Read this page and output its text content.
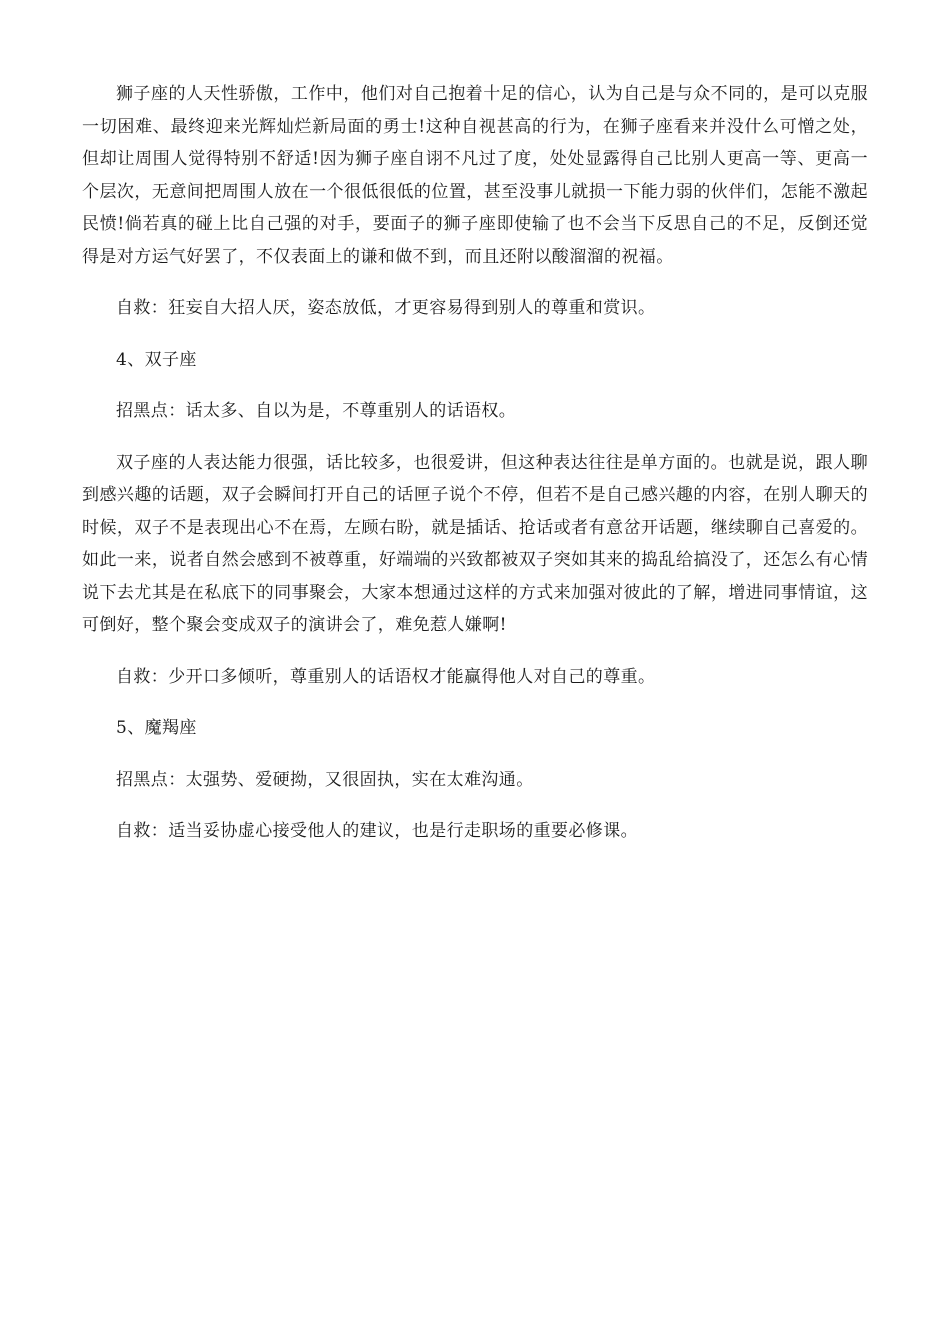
狮子座的人天性骄傲，工作中，他们对自己抱着十足的信心，认为自己是与众不同的，是可以克服一切困难、最终迎来光辉灿烂新局面的勇士!这种自视甚高的行为，在狮子座看来并没什么可憎之处，但却让周围人觉得特别不舒适!因为狮子座自诩不凡过了度，处处显露得自己比别人更高一等、更高一个层次，无意间把周围人放在一个很低很低的位置，甚至没事儿就损一下能力弱的伙伴们，怎能不激起民愤!倘若真的碰上比自己强的对手，要面子的狮子座即使输了也不会当下反思自己的不足，反倒还觉得是对方运气好罢了，不仅表面上的谦和做不到，而且还附以酸溜溜的祝福。

自救：狂妄自大招人厌，姿态放低，才更容易得到别人的尊重和赏识。

4、双子座

招黑点：话太多、自以为是，不尊重别人的话语权。

双子座的人表达能力很强，话比较多，也很爱讲，但这种表达往往是单方面的。也就是说，跟人聊到感兴趣的话题，双子会瞬间打开自己的话匣子说个不停，但若不是自己感兴趣的内容，在别人聊天的时候，双子不是表现出心不在焉，左顾右盼，就是插话、抢话或者有意岔开话题，继续聊自己喜爱的。如此一来，说者自然会感到不被尊重，好端端的兴致都被双子突如其来的捣乱给搞没了，还怎么有心情说下去尤其是在私底下的同事聚会，大家本想通过这样的方式来加强对彼此的了解，增进同事情谊，这可倒好，整个聚会变成双子的演讲会了，难免惹人嫌啊!

自救：少开口多倾听，尊重别人的话语权才能赢得他人对自己的尊重。

5、魔羯座

招黑点：太强势、爱硬拗，又很固执，实在太难沟通。

自救：适当妥协虚心接受他人的建议，也是行走职场的重要必修课。
